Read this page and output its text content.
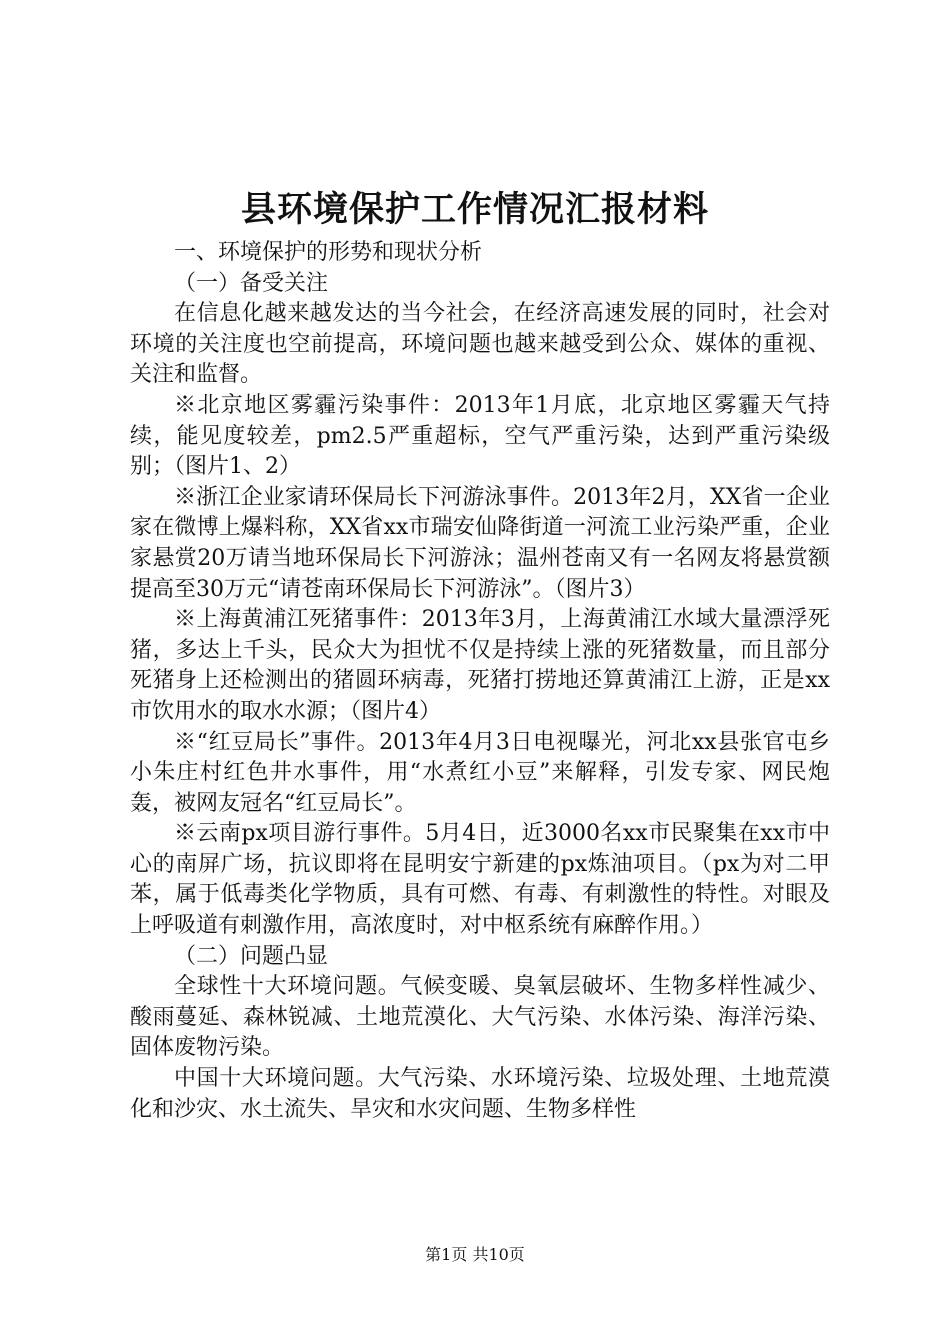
县环境保护工作情况汇报材料

一、环境保护的形势和现状分析

（一）备受关注

在信息化越来越发达的当今社会，在经济高速发展的同时，社会对环境的关注度也空前提高，环境问题也越来越受到公众、媒体的重视、关注和监督。

※北京地区雾霾污染事件：2013年1月底，北京地区雾霾天气持续，能见度较差，pm2.5严重超标，空气严重污染，达到严重污染级别；（图片1、2）

※浙江企业家请环保局长下河游泳事件。2013年2月，XX省一企业家在微博上爆料称，XX省xx市瑞安仙降街道一河流工业污染严重，企业家悬赏20万请当地环保局长下河游泳；温州苍南又有一名网友将悬赏额提高至30万元“请苍南环保局长下河游泳”。（图片3）

※上海黄浦江死猪事件：2013年3月，上海黄浦江水域大量漂浮死猪，多达上千头，民众大为担忧不仅是持续上涨的死猪数量，而且部分死猪身上还检测出的猪圆环病毒，死猪打捞地还算黄浦江上游，正是xx市饮用水的取水水源；（图片4）

※“红豆局长”事件。2013年4月3日电视曝光，河北xx县张官屯乡小朱庄村红色井水事件，用“水煮红小豆”来解释，引发专家、网民炮轰，被网友冠名“红豆局长”。

※云南px项目游行事件。5月4日，近3000名xx市民聚集在xx市中心的南屏广场，抗议即将在昆明安宁新建的px炼油项目。（px为对二甲苯，属于低毒类化学物质，具有可燃、有毒、有刺激性的特性。对眼及上呼吸道有刺激作用，高浓度时，对中枢系统有麻醉作用。）

（二）问题凸显

全球性十大环境问题。气候变暖、臭氧层破坏、生物多样性减少、酸雨蔓延、森林锐减、土地荒漠化、大气污染、水体污染、海洋污染、固体废物污染。

中国十大环境问题。大气污染、水环境污染、垃圾处理、土地荒漠化和沙灾、水土流失、旱灾和水灾问题、生物多样性

第1页 共10页
